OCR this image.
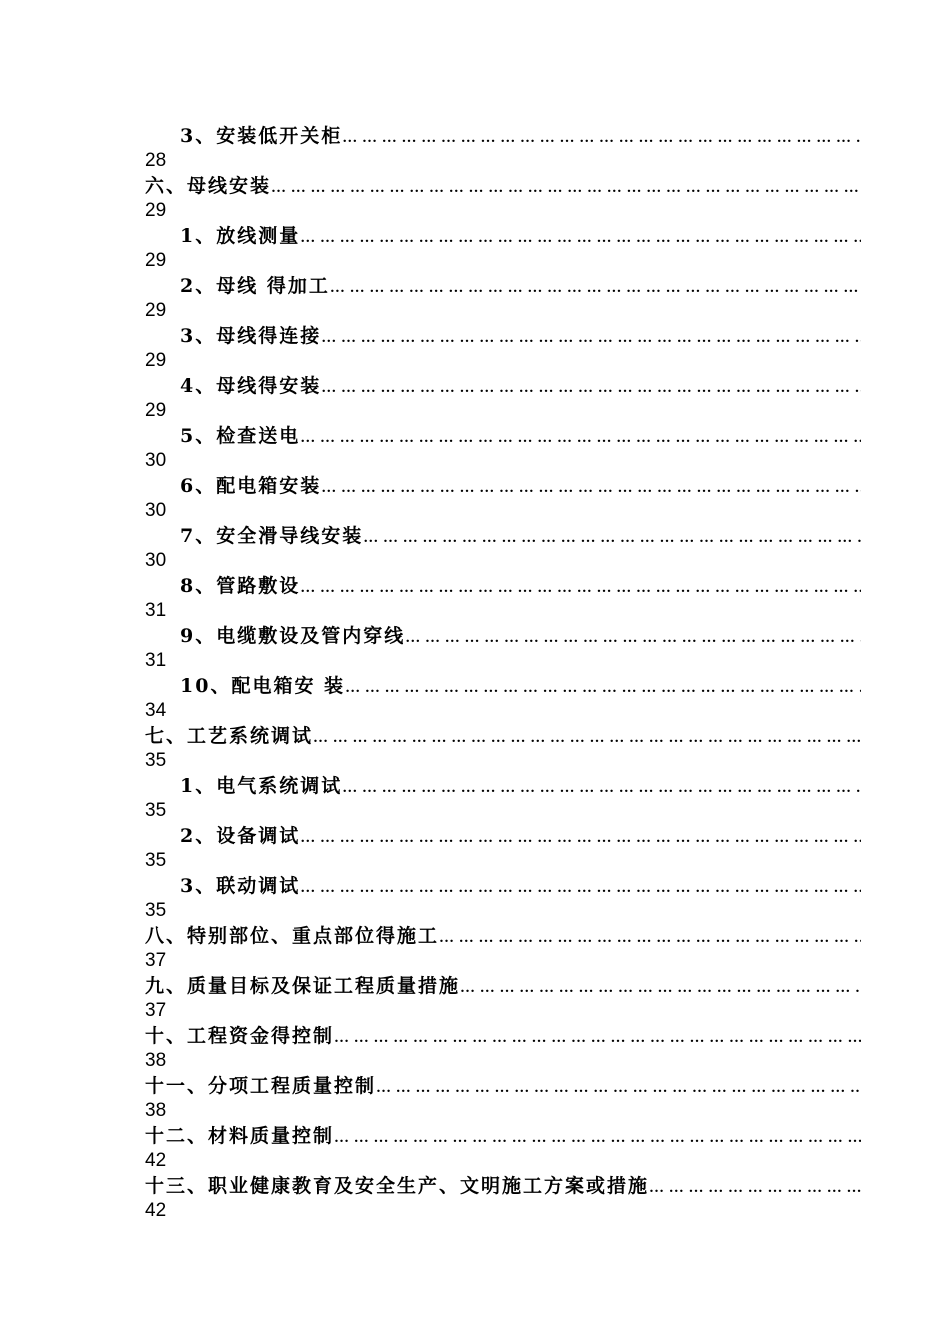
3、安装低开关柜
… … … … … … … … … … … … … … … … … … … … … … … … … … … … … … … … … … … … … … … … … … … … … … … … … … … … … …
28
六、母线安装
… … … … … … … … … … … … … … … … … … … … … … … … … … … … … … … … … … … … … … … … … … … … … … … … … … … … … …
29
1、放线测量
… … … … … … … … … … … … … … … … … … … … … … … … … … … … … … … … … … … … … … … … … … … … … … … … … … … … … …
29
2、母线 得加工
… … … … … … … … … … … … … … … … … … … … … … … … … … … … … … … … … … … … … … … … … … … … … … … … … … … … … …
29
3、母线得连接
… … … … … … … … … … … … … … … … … … … … … … … … … … … … … … … … … … … … … … … … … … … … … … … … … … … … … …
29
4、母线得安装
… … … … … … … … … … … … … … … … … … … … … … … … … … … … … … … … … … … … … … … … … … … … … … … … … … … … … …
29
5、检查送电
… … … … … … … … … … … … … … … … … … … … … … … … … … … … … … … … … … … … … … … … … … … … … … … … … … … … … …
30
6、配电箱安装
… … … … … … … … … … … … … … … … … … … … … … … … … … … … … … … … … … … … … … … … … … … … … … … … … … … … … …
30
7、安全滑导线安装
… … … … … … … … … … … … … … … … … … … … … … … … … … … … … … … … … … … … … … … … … … … … … … … … … … … … … …
30
8、管路敷设
… … … … … … … … … … … … … … … … … … … … … … … … … … … … … … … … … … … … … … … … … … … … … … … … … … … … … …
31
9、电缆敷设及管内穿线
… … … … … … … … … … … … … … … … … … … … … … … … … … … … … … … … … … … … … … … … … … … … … … … … … … … … … …
31
10、配电箱安 装
… … … … … … … … … … … … … … … … … … … … … … … … … … … … … … … … … … … … … … … … … … … … … … … … … … … … … …
34
七、工艺系统调试
… … … … … … … … … … … … … … … … … … … … … … … … … … … … … … … … … … … … … … … … … … … … … … … … … … … … … …
35
1、电气系统调试
… … … … … … … … … … … … … … … … … … … … … … … … … … … … … … … … … … … … … … … … … … … … … … … … … … … … … …
35
2、设备调试
… … … … … … … … … … … … … … … … … … … … … … … … … … … … … … … … … … … … … … … … … … … … … … … … … … … … … …
35
3、联动调试
… … … … … … … … … … … … … … … … … … … … … … … … … … … … … … … … … … … … … … … … … … … … … … … … … … … … … …
35
八、特别部位、重点部位得施工
… … … … … … … … … … … … … … … … … … … … … … … … … … … … … … … … … … … … … … … … … … … … … … … … … … … … … …
37
九、质量目标及保证工程质量措施
… … … … … … … … … … … … … … … … … … … … … … … … … … … … … … … … … … … … … … … … … … … … … … … … … … … … … …
37
十、工程资金得控制
… … … … … … … … … … … … … … … … … … … … … … … … … … … … … … … … … … … … … … … … … … … … … … … … … … … … … …
38
十一、分项工程质量控制
… … … … … … … … … … … … … … … … … … … … … … … … … … … … … … … … … … … … … … … … … … … … … … … … … … … … … …
38
十二、材料质量控制
… … … … … … … … … … … … … … … … … … … … … … … … … … … … … … … … … … … … … … … … … … … … … … … … … … … … … …
42
十三、职业健康教育及安全生产、文明施工方案或措施
… … … … … … … … … … … … … … … … … … … … … … … … … … … … … … … … … … … … … … … … … … … … … … … … … … … … … …
42
